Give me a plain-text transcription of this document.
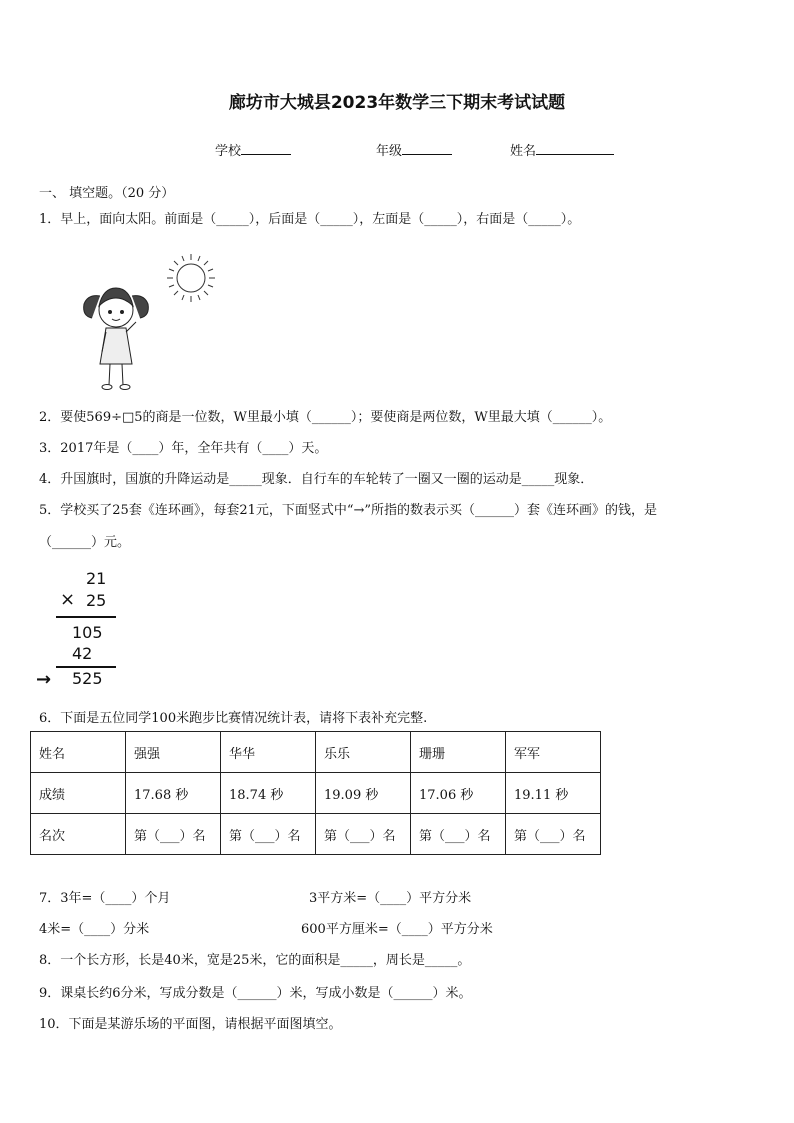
廊坊市大城县2023年数学三下期末考试试题
学校	年级	姓名
一、 填空题。（20 分）
1．早上，面向太阳。前面是（_____），后面是（_____），左面是（_____），右面是（_____）。
2．要使569÷□5的商是一位数，W里最小填（______）；要使商是两位数，W里最大填（______）。
3．2017年是（____）年，全年共有（____）天。
4．升国旗时，国旗的升降运动是_____现象．自行车的车轮转了一圈又一圈的运动是_____现象．
5．学校买了25套《连环画》，每套21元，下面竖式中“→”所指的数表示买（______）套《连环画》的钱，是
（______）元。
21
× 25
105
42
→ 525
6．下面是五位同学100米跑步比赛情况统计表，请将下表补充完整.
姓名	强强	华华	乐乐	珊珊	军军
成绩	17.68 秒	18.74 秒	19.09 秒	17.06 秒	19.11 秒
名次	第（___）名	第（___）名	第（___）名	第（___）名	第（___）名
7．3年=（____）个月	3平方米=（____）平方分米
4米=（____）分米	600平方厘米=（____）平方分米
8．一个长方形，长是40米，宽是25米，它的面积是_____，周长是_____。
9．课桌长约6分米，写成分数是（______）米，写成小数是（______）米。
10．下面是某游乐场的平面图，请根据平面图填空。
